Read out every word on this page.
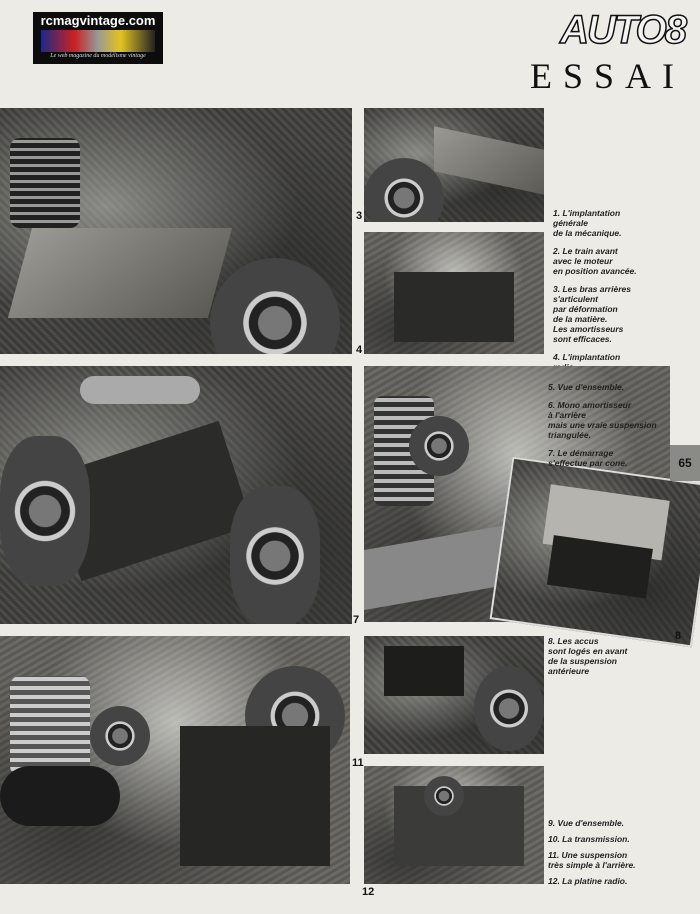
rcmagvintage.com
Le web magazine du modélisme vintage
AUTO8
ESSAI
3
4

1. L'implantation
générale
de la mécanique.

2. Le train avant
avec le moteur
en position avancée.

3. Les bras arrières
s'articulent
par déformation
de la matière.
Les amortisseurs
sont efficaces.

4. L'implantation

7
8

5. Vue d'ensemble.

6. Mono amortisseur
à l'arrière
mais une vraie suspension
triangulée.

7. Le démarrage
s'effectue par cone.	65
11
12

8. Les accus
sont logés en avant
de la suspension
antérieure

9. Vue d'ensemble.

10. La transmission.

11. Une suspension
très simple à l'arrière.

12. La platine radio.
